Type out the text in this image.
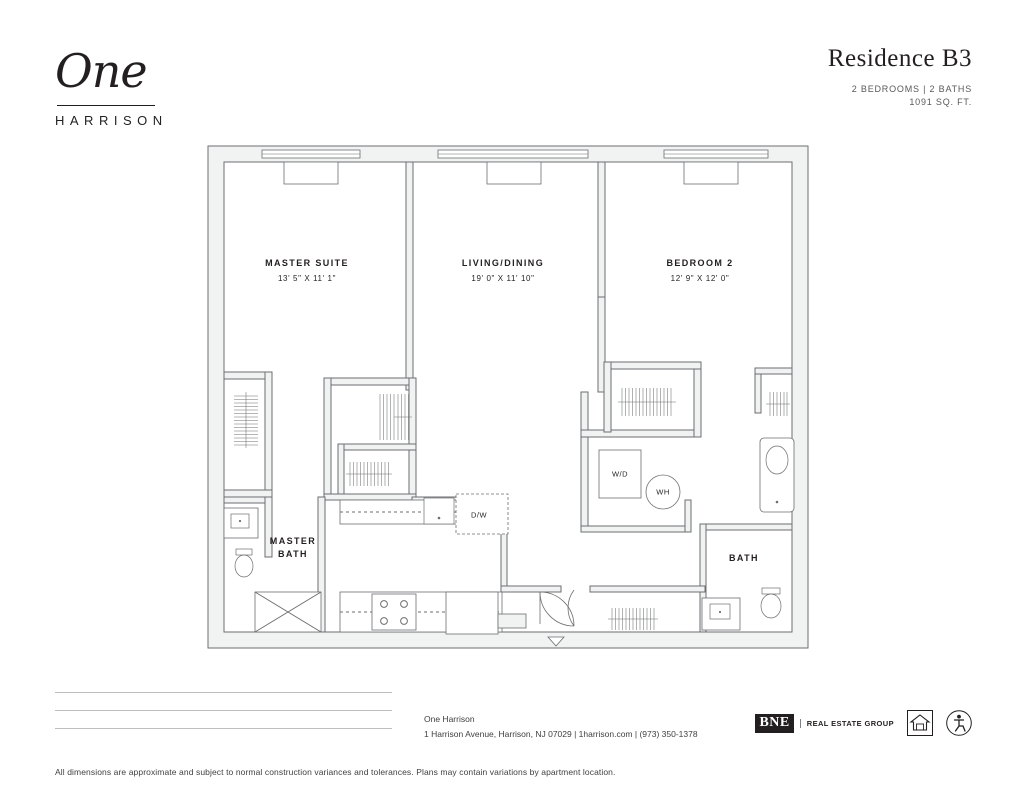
One
HARRISON
Residence B3
2 BEDROOMS | 2 BATHS
1091 SQ. FT.
MASTER SUITE
13' 5" X 11' 1"
LIVING/DINING
19' 0" X 11' 10"
BEDROOM 2
12' 9" X 12' 0"
MASTER
BATH	BATH
D/W
W/D
WH
One Harrison
1 Harrison Avenue, Harrison, NJ 07029 | 1harrison.com | (973) 350-1378
BNE	REAL ESTATE GROUP
All dimensions are approximate and subject to normal construction variances and tolerances. Plans may contain variations by apartment location.
